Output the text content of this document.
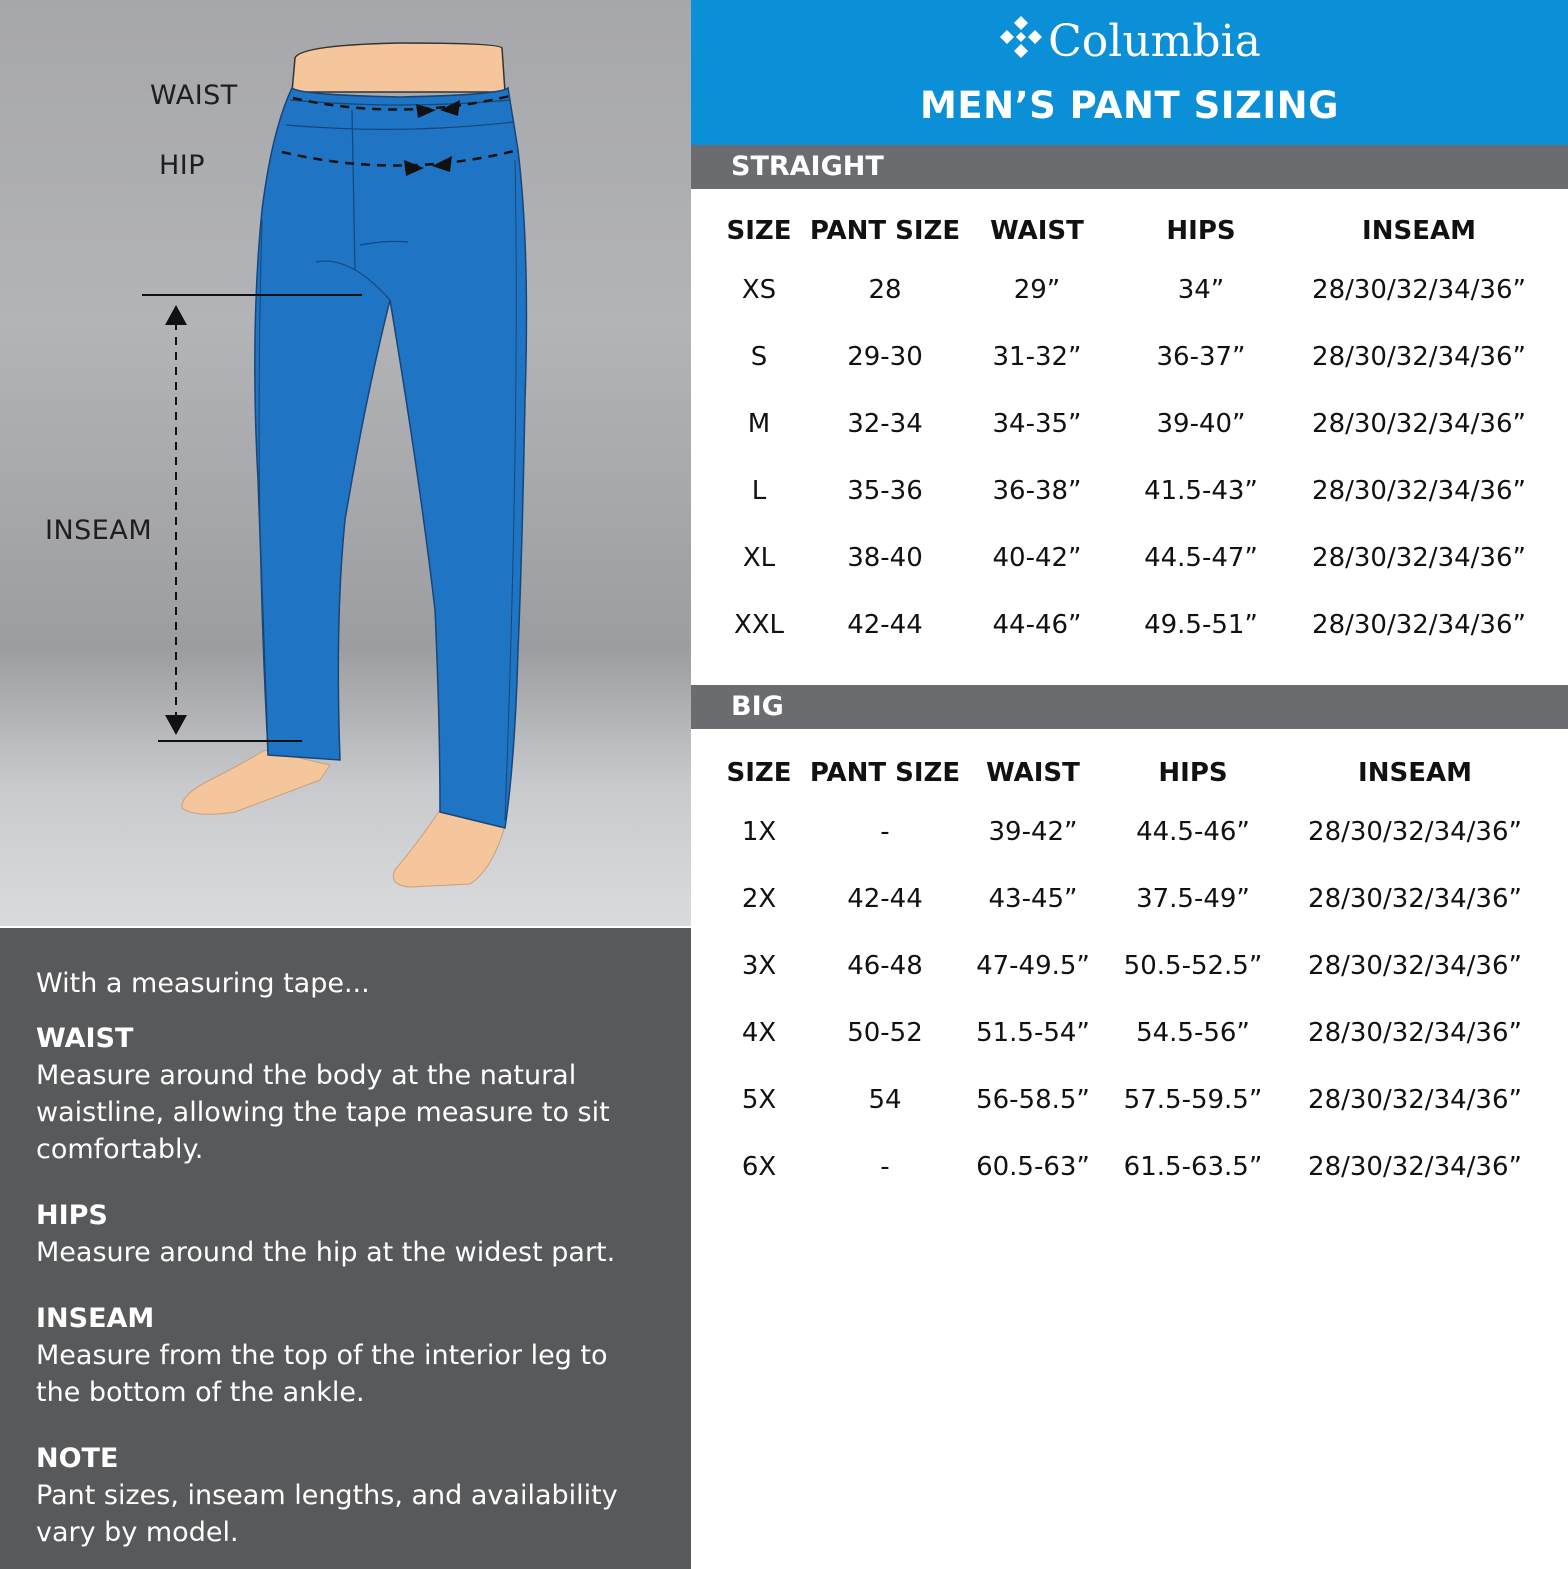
WAIST
HIP
INSEAM

With a measuring tape...

WAIST
Measure around the body at the natural waistline, allowing the tape measure to sit comfortably.
HIPS
Measure around the hip at the widest part.
INSEAM
Measure from the top of the interior leg to the bottom of the ankle.
NOTE
Pant sizes, inseam lengths, and availability vary by model.
Columbia
MEN’S PANT SIZING
STRAIGHT
SIZE	PANT SIZE	WAIST	HIPS	INSEAM
XS	28	29”	34”	28/30/32/34/36”
S	29-30	31-32”	36-37”	28/30/32/34/36”
M	32-34	34-35”	39-40”	28/30/32/34/36”
L	35-36	36-38”	41.5-43”	28/30/32/34/36”
XL	38-40	40-42”	44.5-47”	28/30/32/34/36”
XXL	42-44	44-46”	49.5-51”	28/30/32/34/36”
BIG
SIZE	PANT SIZE	WAIST	HIPS	INSEAM
1X	-	39-42”	44.5-46”	28/30/32/34/36”
2X	42-44	43-45”	37.5-49”	28/30/32/34/36”
3X	46-48	47-49.5”	50.5-52.5”	28/30/32/34/36”
4X	50-52	51.5-54”	54.5-56”	28/30/32/34/36”
5X	54	56-58.5”	57.5-59.5”	28/30/32/34/36”
6X	-	60.5-63”	61.5-63.5”	28/30/32/34/36”
